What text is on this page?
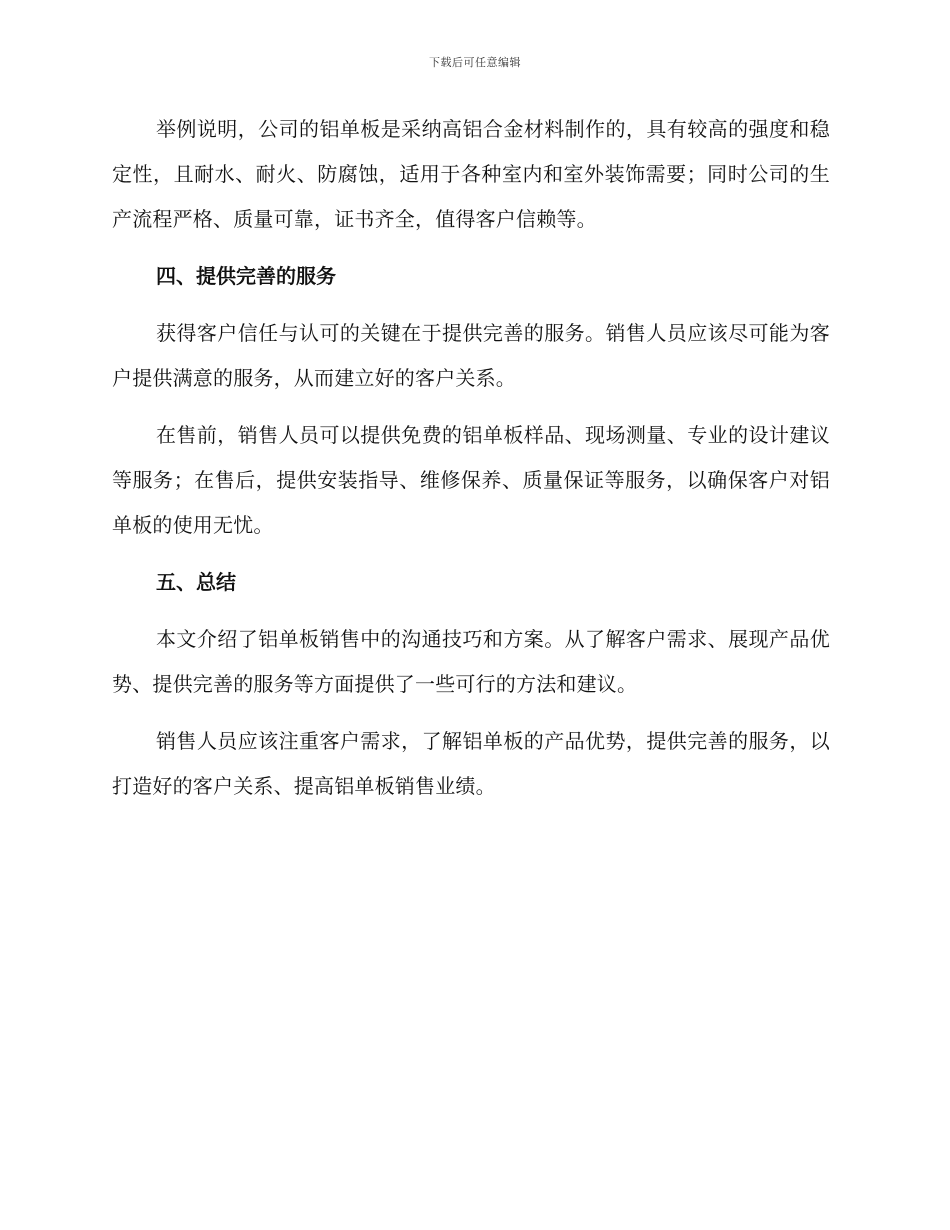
下载后可任意编辑

举例说明，公司的铝单板是采纳高铝合金材料制作的，具有较高的强度和稳定性，且耐水、耐火、防腐蚀，适用于各种室内和室外装饰需要；同时公司的生产流程严格、质量可靠，证书齐全，值得客户信赖等。

四、提供完善的服务

获得客户信任与认可的关键在于提供完善的服务。销售人员应该尽可能为客户提供满意的服务，从而建立好的客户关系。

在售前，销售人员可以提供免费的铝单板样品、现场测量、专业的设计建议等服务；在售后，提供安装指导、维修保养、质量保证等服务，以确保客户对铝单板的使用无忧。

五、总结

本文介绍了铝单板销售中的沟通技巧和方案。从了解客户需求、展现产品优势、提供完善的服务等方面提供了一些可行的方法和建议。

销售人员应该注重客户需求，了解铝单板的产品优势，提供完善的服务，以打造好的客户关系、提高铝单板销售业绩。
